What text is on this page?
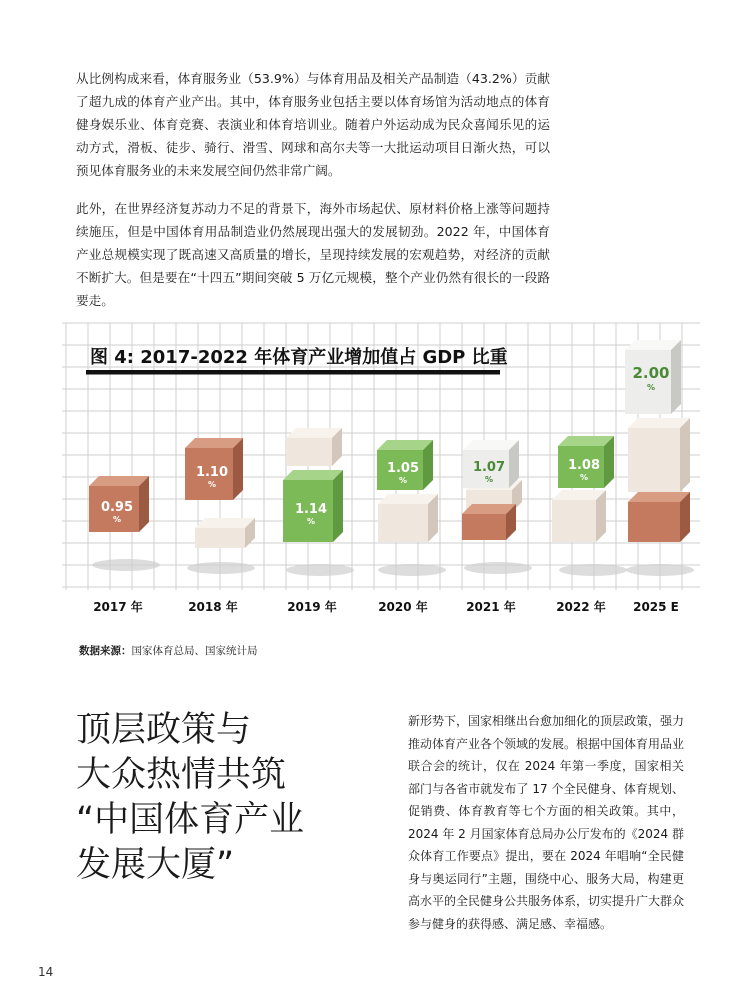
从比例构成来看，体育服务业（53.9%）与体育用品及相关产品制造（43.2%）贡献了超九成的体育产业产出。其中，体育服务业包括主要以体育场馆为活动地点的体育健身娱乐业、体育竞赛、表演业和体育培训业。随着户外运动成为民众喜闻乐见的运动方式，滑板、徒步、骑行、滑雪、网球和高尔夫等一大批运动项目日渐火热，可以预见体育服务业的未来发展空间仍然非常广阔。

此外，在世界经济复苏动力不足的背景下，海外市场起伏、原材料价格上涨等问题持续施压，但是中国体育用品制造业仍然展现出强大的发展韧劲。2022 年，中国体育产业总规模实现了既高速又高质量的增长，呈现持续发展的宏观趋势，对经济的贡献不断扩大。但是要在“十四五”期间突破 5 万亿元规模，整个产业仍然有很长的一段路要走。

0.95
%
1.10
%
1.14
%
1.05
%
1.07
%
1.08
%
2.00
%
图 4: 2017-2022 年体育产业增加值占 GDP 比重
2017 年	2018 年	2019 年	2020 年	2021 年	2022 年 2025 E

数据来源：国家体育总局、国家统计局

顶层政策与
大众热情共筑
“中国体育产业
发展大厦”

新形势下，国家相继出台愈加细化的顶层政策，强力推动体育产业各个领域的发展。根据中国体育用品业联合会的统计，仅在 2024 年第一季度，国家相关部门与各省市就发布了 17 个全民健身、体育规划、促销费、体育教育等七个方面的相关政策。其中，2024 年 2 月国家体育总局办公厅发布的《2024 群众体育工作要点》提出，要在 2024 年唱响“全民健身与奥运同行”主题，围绕中心、服务大局，构建更高水平的全民健身公共服务体系，切实提升广大群众参与健身的获得感、满足感、幸福感。

14
